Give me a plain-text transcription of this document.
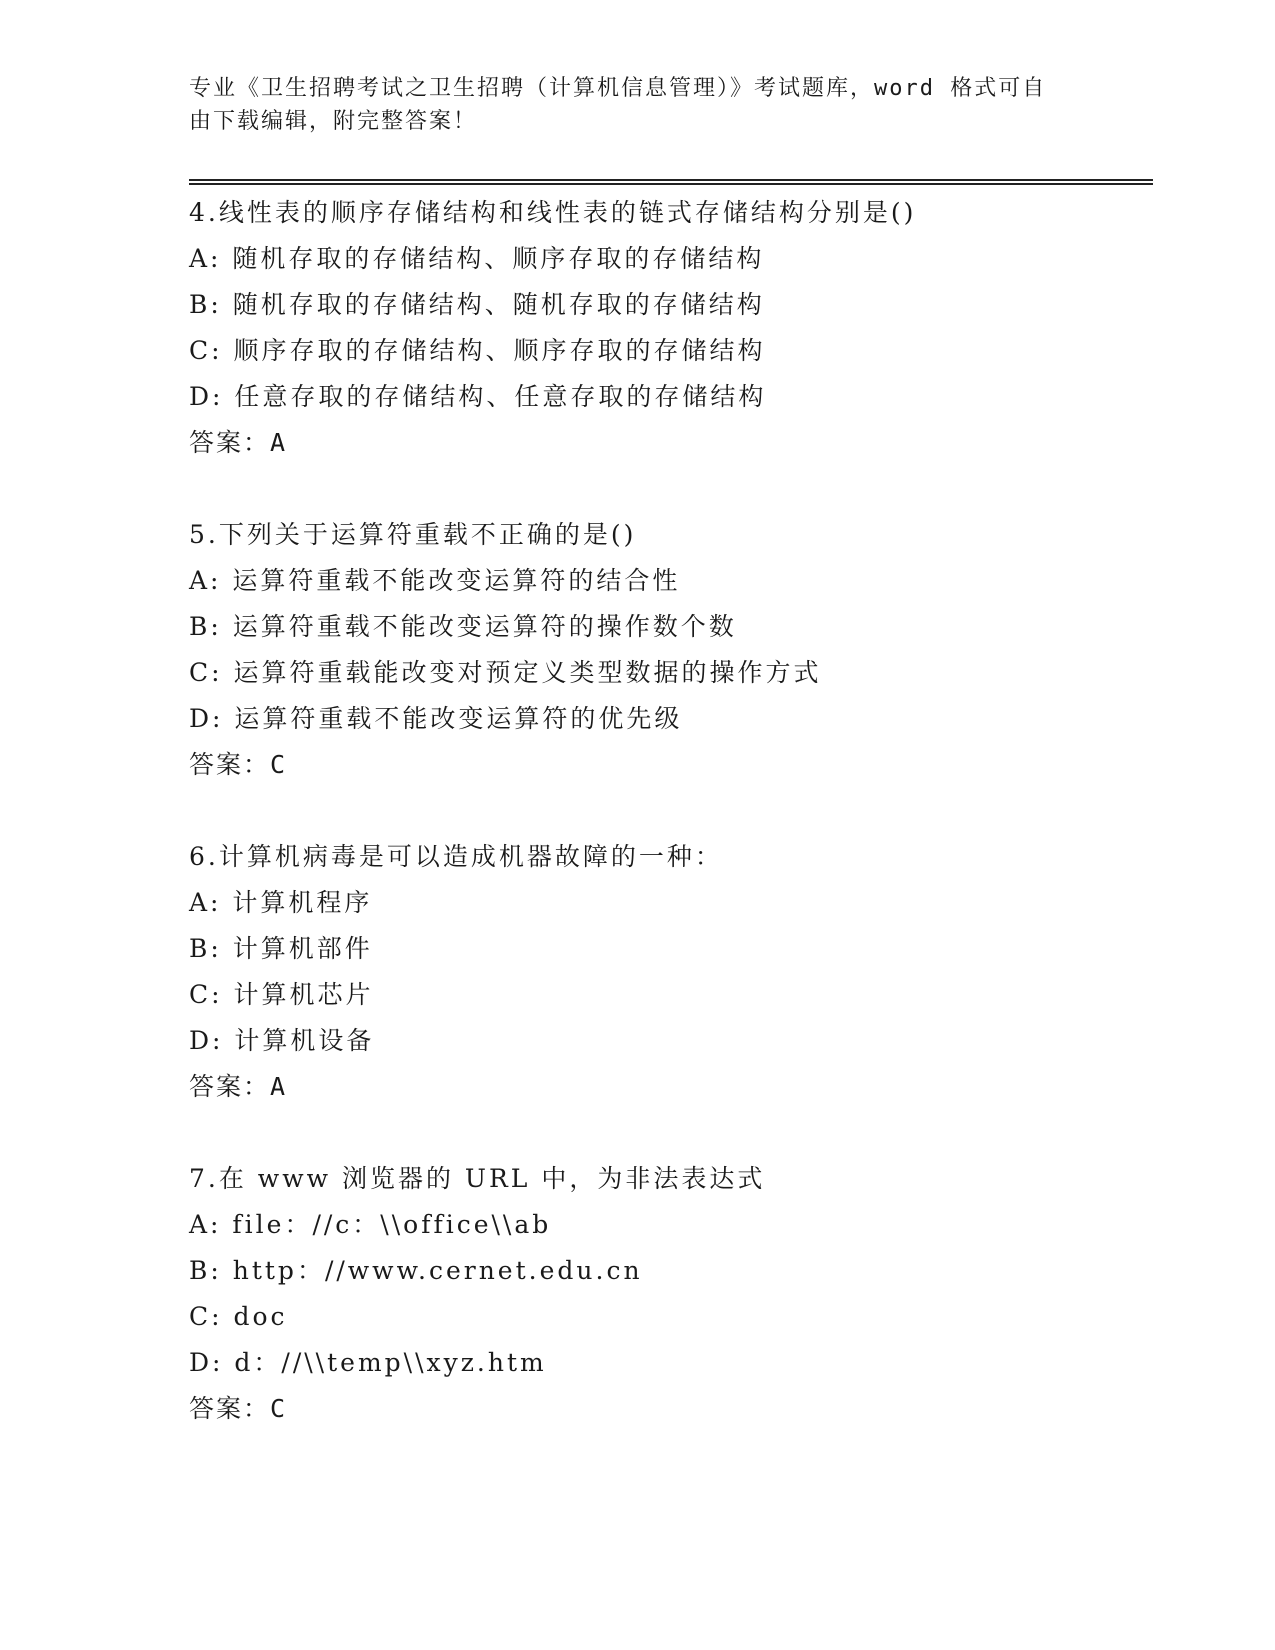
专业《卫生招聘考试之卫生招聘（计算机信息管理）》考试题库，word 格式可自
由下载编辑，附完整答案！
4.线性表的顺序存储结构和线性表的链式存储结构分别是()
A: 随机存取的存储结构、顺序存取的存储结构
B: 随机存取的存储结构、随机存取的存储结构
C: 顺序存取的存储结构、顺序存取的存储结构
D: 任意存取的存储结构、任意存取的存储结构
答案：A
5.下列关于运算符重载不正确的是()
A: 运算符重载不能改变运算符的结合性
B: 运算符重载不能改变运算符的操作数个数
C: 运算符重载能改变对预定义类型数据的操作方式
D: 运算符重载不能改变运算符的优先级
答案：C
6.计算机病毒是可以造成机器故障的一种：
A: 计算机程序
B: 计算机部件
C: 计算机芯片
D: 计算机设备
答案：A
7.在 www 浏览器的 URL 中，为非法表达式
A: file：//c：\\office\\ab
B: http：//www.cernet.edu.cn
C: doc
D: d：//\\temp\\xyz.htm
答案：C
